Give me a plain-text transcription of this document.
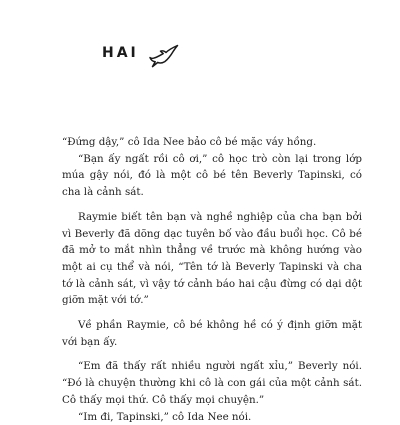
HAI

“Đứng dậy,” cô Ida Nee bảo cô bé mặc váy hồng.

“Bạn ấy ngất rồi cô ơi,” cô học trò còn lại trong lớp múa gậy nói, đó là một cô bé tên Beverly Tapinski, có cha là cảnh sát.

Raymie biết tên bạn và nghề nghiệp của cha bạn bởi vì Beverly đã dõng dạc tuyên bố vào đầu buổi học. Cô bé đã mở to mắt nhìn thẳng về trước mà không hướng vào một ai cụ thể và nói, “Tên tớ là Beverly Tapinski và cha tớ là cảnh sát, vì vậy tớ cảnh báo hai cậu đừng có dại dột giỡn mặt với tớ.”

Về phần Raymie, cô bé không hề có ý định giỡn mặt với bạn ấy.

“Em đã thấy rất nhiều người ngất xỉu,” Beverly nói. “Đó là chuyện thường khi cô là con gái của một cảnh sát. Cô thấy mọi thứ. Cô thấy mọi chuyện.”

“Im đi, Tapinski,” cô Ida Nee nói.
